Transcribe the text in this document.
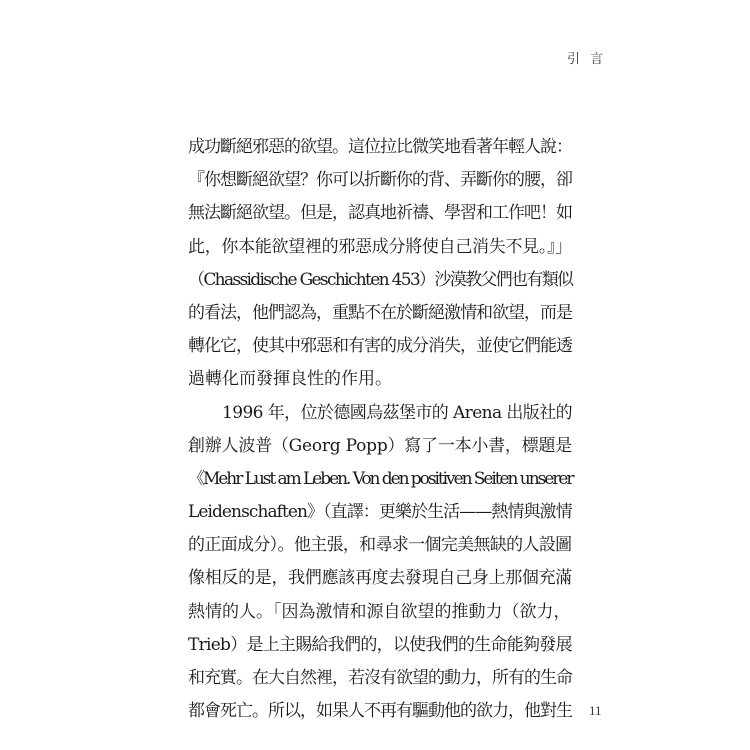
引 言
成功斷絕邪惡的欲望。這位拉比微笑地看著年輕人說：
『你想斷絕欲望？你可以折斷你的背、弄斷你的腰，卻
無法斷絕欲望。但是，認真地祈禱、學習和工作吧！如
此，你本能欲望裡的邪惡成分將使自己消失不見。』」
（Chassidische Geschichten 453）沙漠教父們也有類似
的看法，他們認為，重點不在於斷絕激情和欲望，而是
轉化它，使其中邪惡和有害的成分消失，並使它們能透
過轉化而發揮良性的作用。
1996 年，位於德國烏茲堡市的 Arena 出版社的
創辦人波普（Georg Popp）寫了一本小書，標題是
《Mehr Lust am Leben. Von den positiven Seiten unserer
Leidenschaften》（直譯：更樂於生活——熱情與激情
的正面成分）。他主張，和尋求一個完美無缺的人設圖
像相反的是，我們應該再度去發現自己身上那個充滿
熱情的人。「因為激情和源自欲望的推動力（欲力，
Trieb）是上主賜給我們的，以使我們的生命能夠發展
和充實。在大自然裡，若沒有欲望的動力，所有的生命
都會死亡。所以，如果人不再有驅動他的欲力，他對生 11
